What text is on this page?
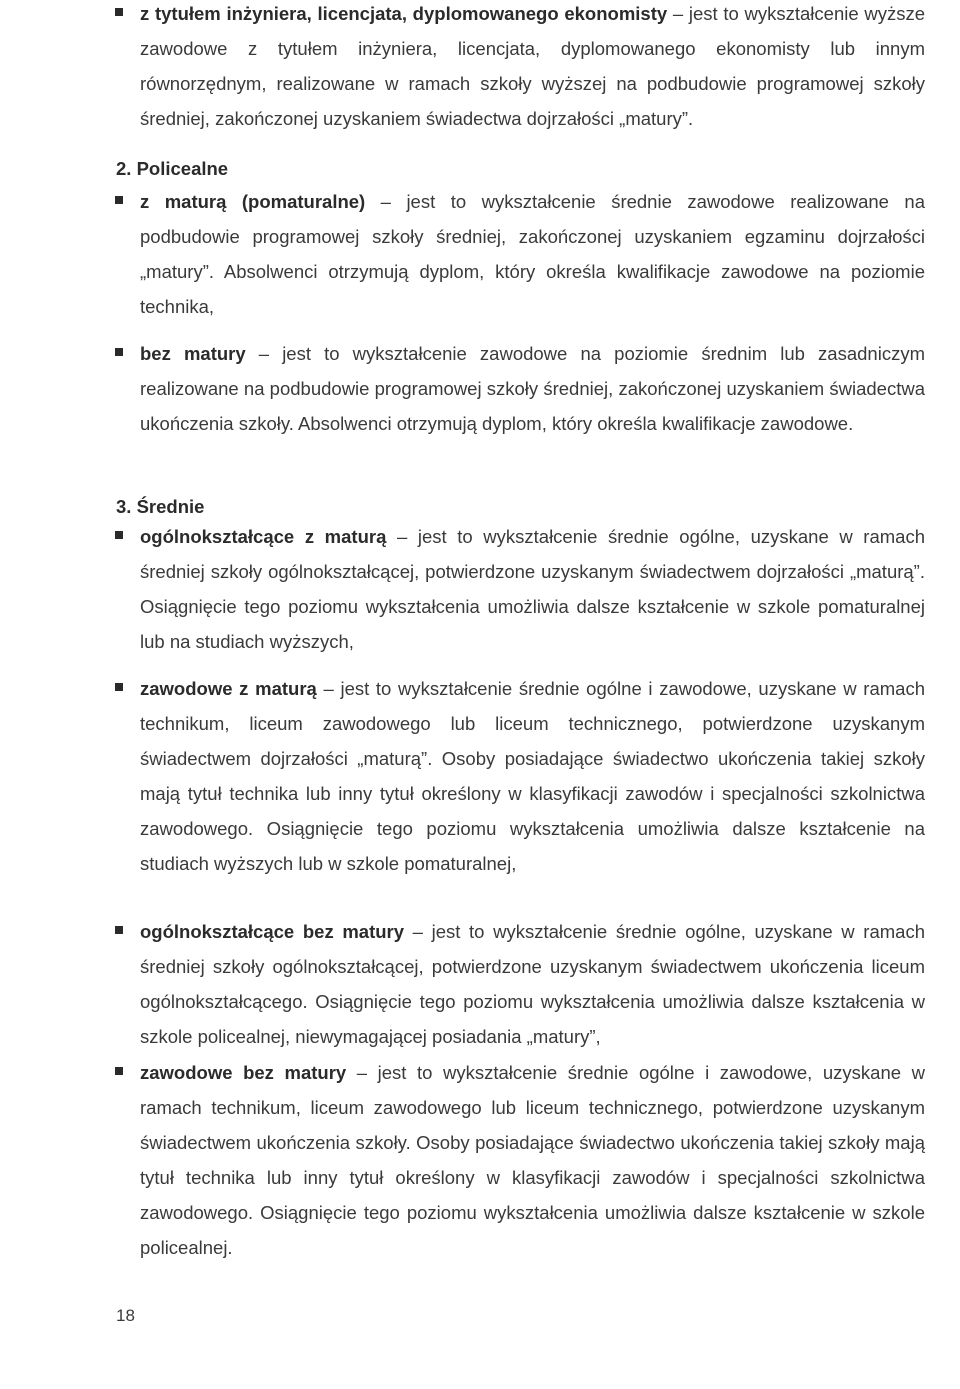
z tytułem inżyniera, licencjata, dyplomowanego ekonomisty – jest to wykształcenie wyższe zawodowe z tytułem inżyniera, licencjata, dyplomowanego ekonomisty lub innym równorzędnym, realizowane w ramach szkoły wyższej na podbudowie programowej szkoły średniej, zakończonej uzyskaniem świadectwa dojrzałości „matury”.
2. Policealne
z maturą (pomaturalne) – jest to wykształcenie średnie zawodowe realizowane na podbudowie programowej szkoły średniej, zakończonej uzyskaniem egzaminu dojrzałości „matury”. Absolwenci otrzymują dyplom, który określa kwalifikacje zawodowe na poziomie technika,
bez matury – jest to wykształcenie zawodowe na poziomie średnim lub zasadniczym realizowane na podbudowie programowej szkoły średniej, zakończonej uzyskaniem świadectwa ukończenia szkoły. Absolwenci otrzymują dyplom, który określa kwalifikacje zawodowe.
3. Średnie
ogólnokształcące z maturą – jest to wykształcenie średnie ogólne, uzyskane w ramach średniej szkoły ogólnokształcącej, potwierdzone uzyskanym świadectwem dojrzałości „maturą”. Osiągnięcie tego poziomu wykształcenia umożliwia dalsze kształcenie w szkole pomaturalnej lub na studiach wyższych,
zawodowe z maturą – jest to wykształcenie średnie ogólne i zawodowe, uzyskane w ramach technikum, liceum zawodowego lub liceum technicznego, potwierdzone uzyskanym świadectwem dojrzałości „maturą”. Osoby posiadające świadectwo ukończenia takiej szkoły mają tytuł technika lub inny tytuł określony w klasyfikacji zawodów i specjalności szkolnictwa zawodowego. Osiągnięcie tego poziomu wykształcenia umożliwia dalsze kształcenie na studiach wyższych lub w szkole pomaturalnej,
ogólnokształcące bez matury – jest to wykształcenie średnie ogólne, uzyskane w ramach średniej szkoły ogólnokształcącej, potwierdzone uzyskanym świadectwem ukończenia liceum ogólnokształcącego. Osiągnięcie tego poziomu wykształcenia umożliwia dalsze kształcenia w szkole policealnej, niewymagającej posiadania „matury”,
zawodowe bez matury – jest to wykształcenie średnie ogólne i zawodowe, uzyskane w ramach technikum, liceum zawodowego lub liceum technicznego, potwierdzone uzyskanym świadectwem ukończenia szkoły. Osoby posiadające świadectwo ukończenia takiej szkoły mają tytuł technika lub inny tytuł określony w klasyfikacji zawodów i specjalności szkolnictwa zawodowego. Osiągnięcie tego poziomu wykształcenia umożliwia dalsze kształcenie w szkole policealnej.
18
